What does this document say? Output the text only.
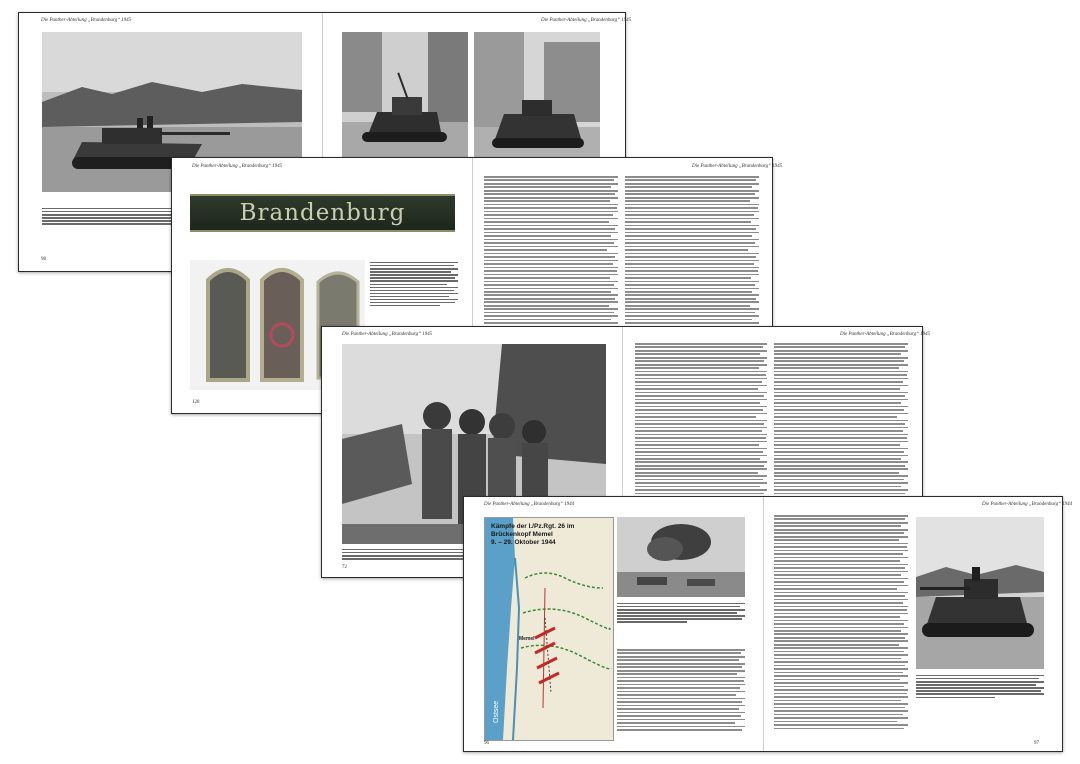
Die Panther-Abteilung „Brandenburg“ 1945	Die Panther-Abteilung „Brandenburg“ 1945
98
Die Panther-Abteilung „Brandenburg“ 1945	Die Panther-Abteilung „Brandenburg“ 1945
Brandenburg
128
Die Panther-Abteilung „Brandenburg“ 1945	Die Panther-Abteilung „Brandenburg“ 1945
72
Die Panther-Abteilung „Brandenburg“ 1944	Die Panther-Abteilung „Brandenburg“ 1944
Kämpfe der I./Pz.Rgt. 26 im Brückenkopf Memel
9. – 29. Oktober 1944
Ostsee
Memel
96	97
